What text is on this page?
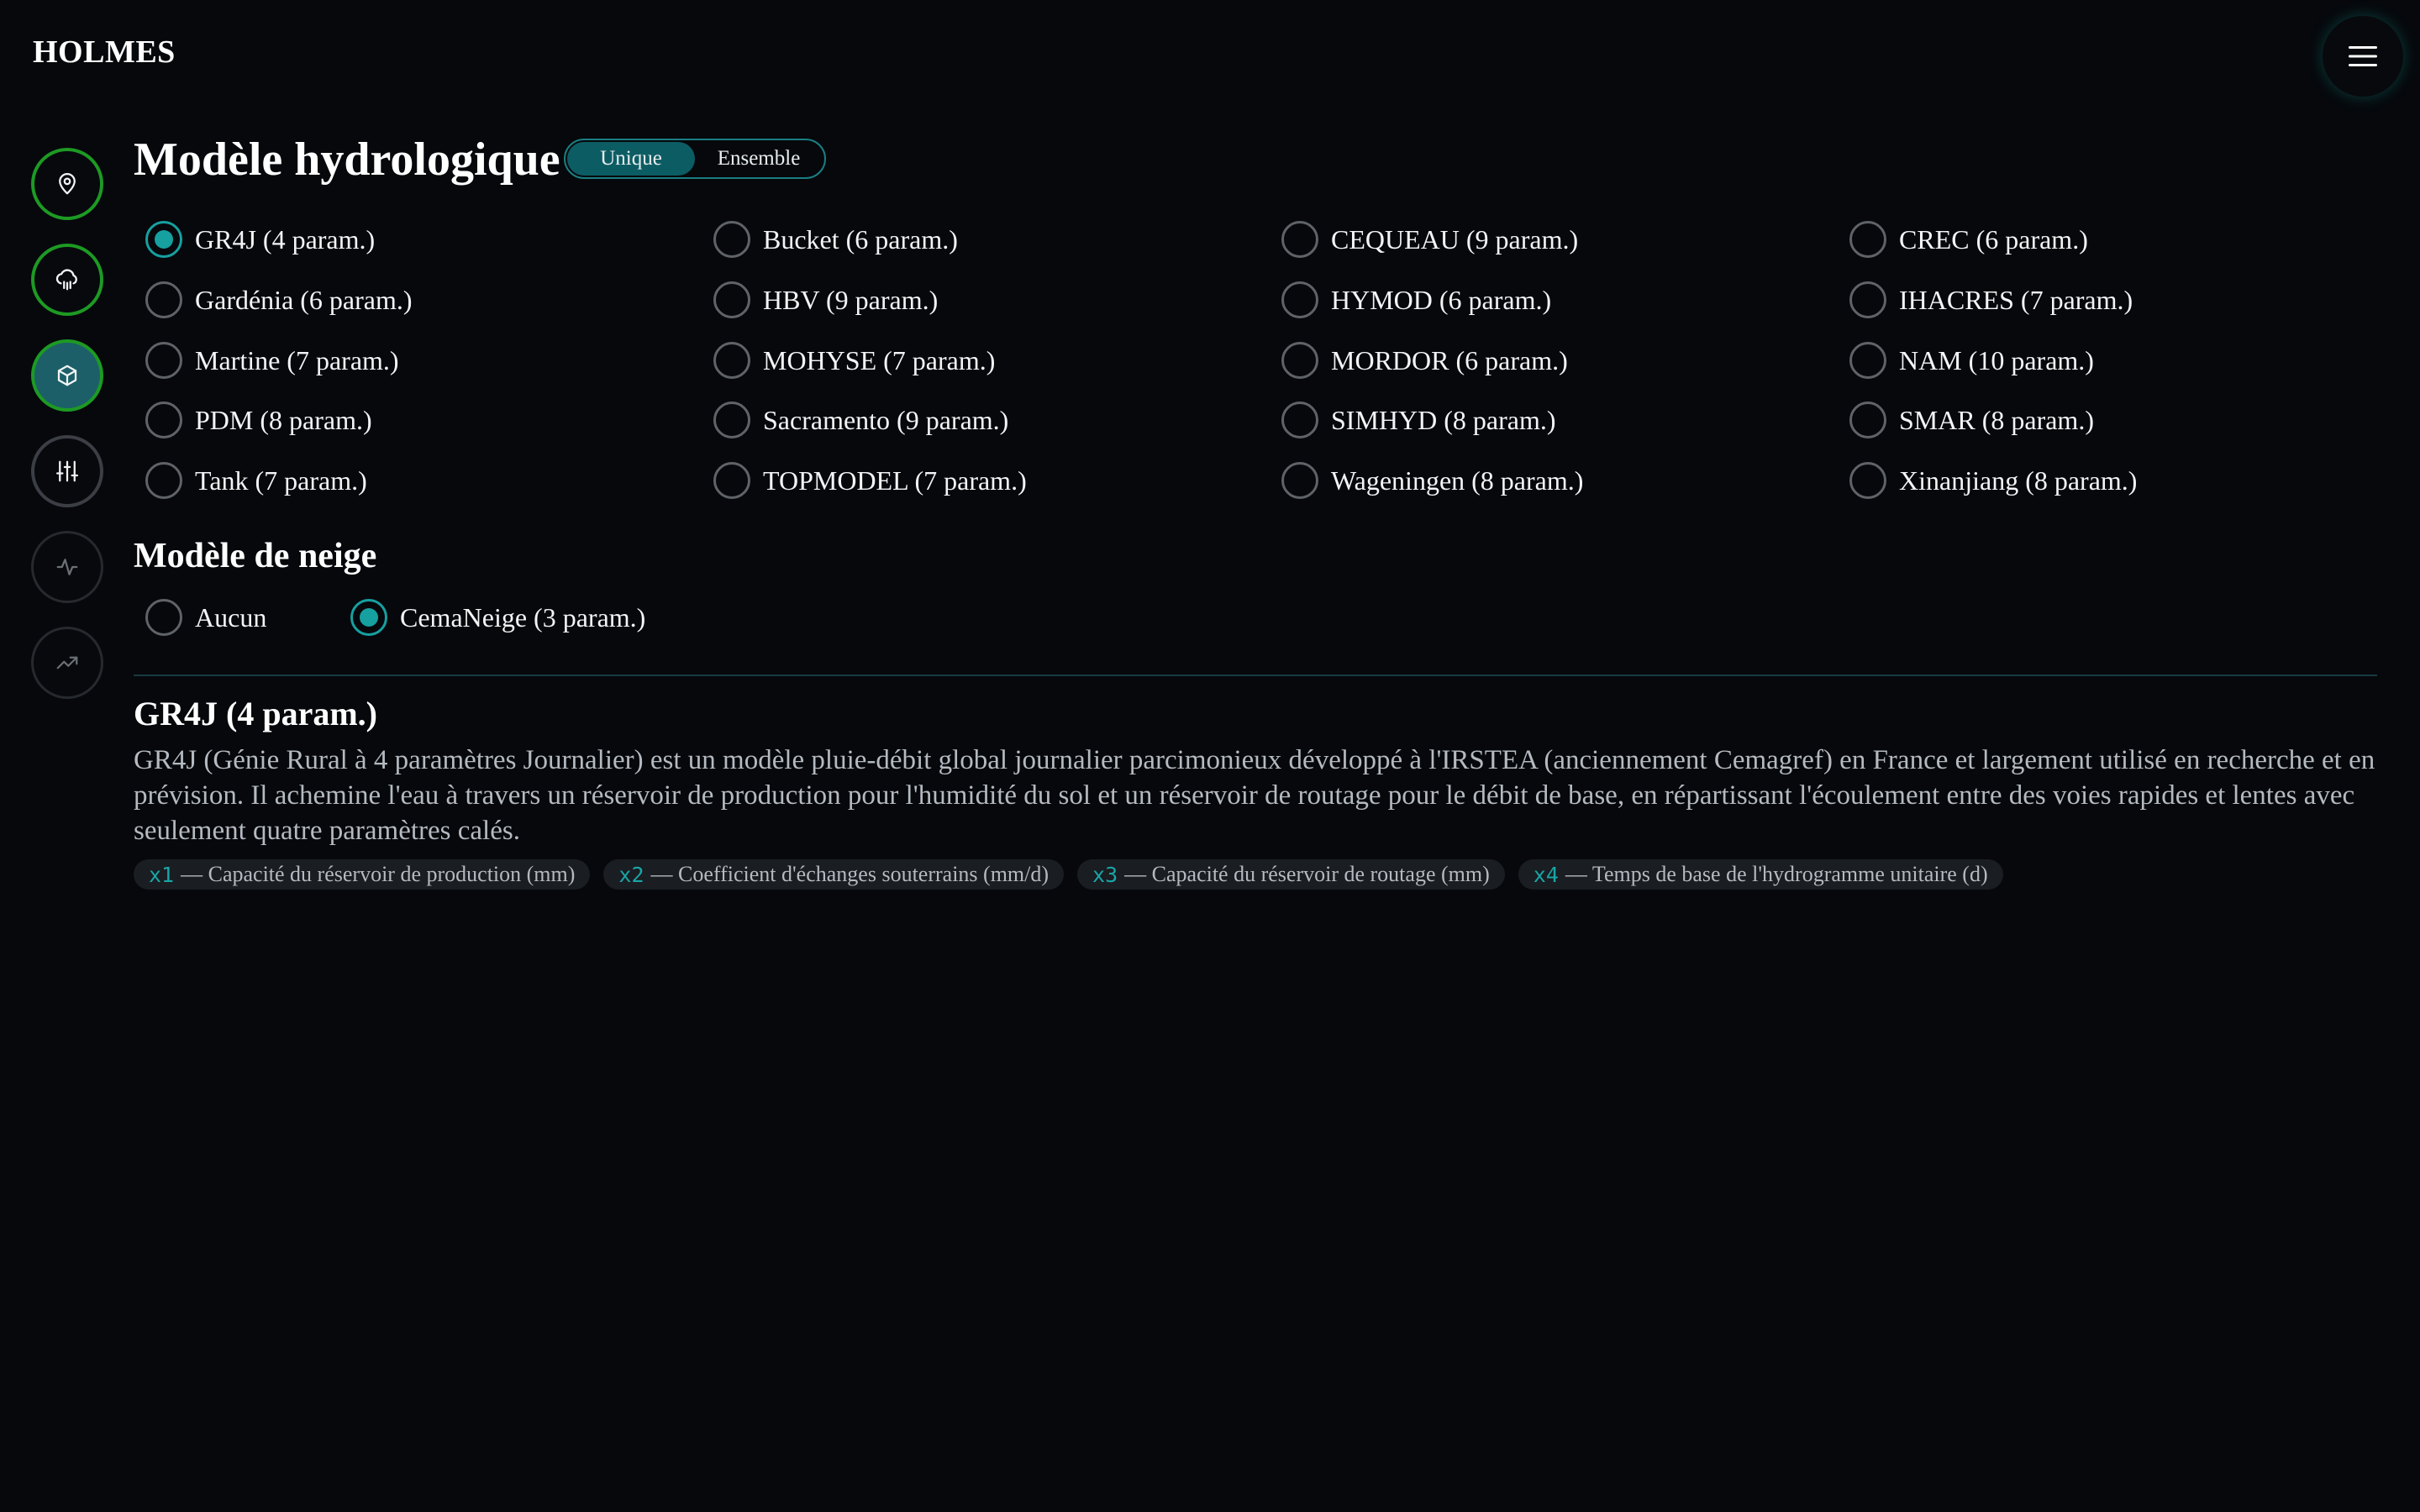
HOLMES
Modèle hydrologique	Unique	Ensemble
GR4J (4 param.)	Bucket (6 param.)	CEQUEAU (9 param.)	CREC (6 param.)
Gardénia (6 param.)	HBV (9 param.)	HYMOD (6 param.)	IHACRES (7 param.)
Martine (7 param.)	MOHYSE (7 param.)	MORDOR (6 param.)	NAM (10 param.)
PDM (8 param.)	Sacramento (9 param.)	SIMHYD (8 param.)	SMAR (8 param.)
Tank (7 param.)	TOPMODEL (7 param.)	Wageningen (8 param.)	Xinanjiang (8 param.)
Modèle de neige
Aucun	CemaNeige (3 param.)
GR4J (4 param.)
GR4J (Génie Rural à 4 paramètres Journalier) est un modèle pluie-débit global journalier parcimonieux développé à l'IRSTEA (anciennement Cemagref) en France et largement utilisé en recherche et en prévision. Il achemine l'eau à travers un réservoir de production pour l'humidité du sol et un réservoir de routage pour le débit de base, en répartissant l'écoulement entre des voies rapides et lentes avec seulement quatre paramètres calés.
x1 — Capacité du réservoir de production (mm) x2 — Coefficient d'échanges souterrains (mm/d) x3 — Capacité du réservoir de routage (mm) x4 — Temps de base de l'hydrogramme unitaire (d)
